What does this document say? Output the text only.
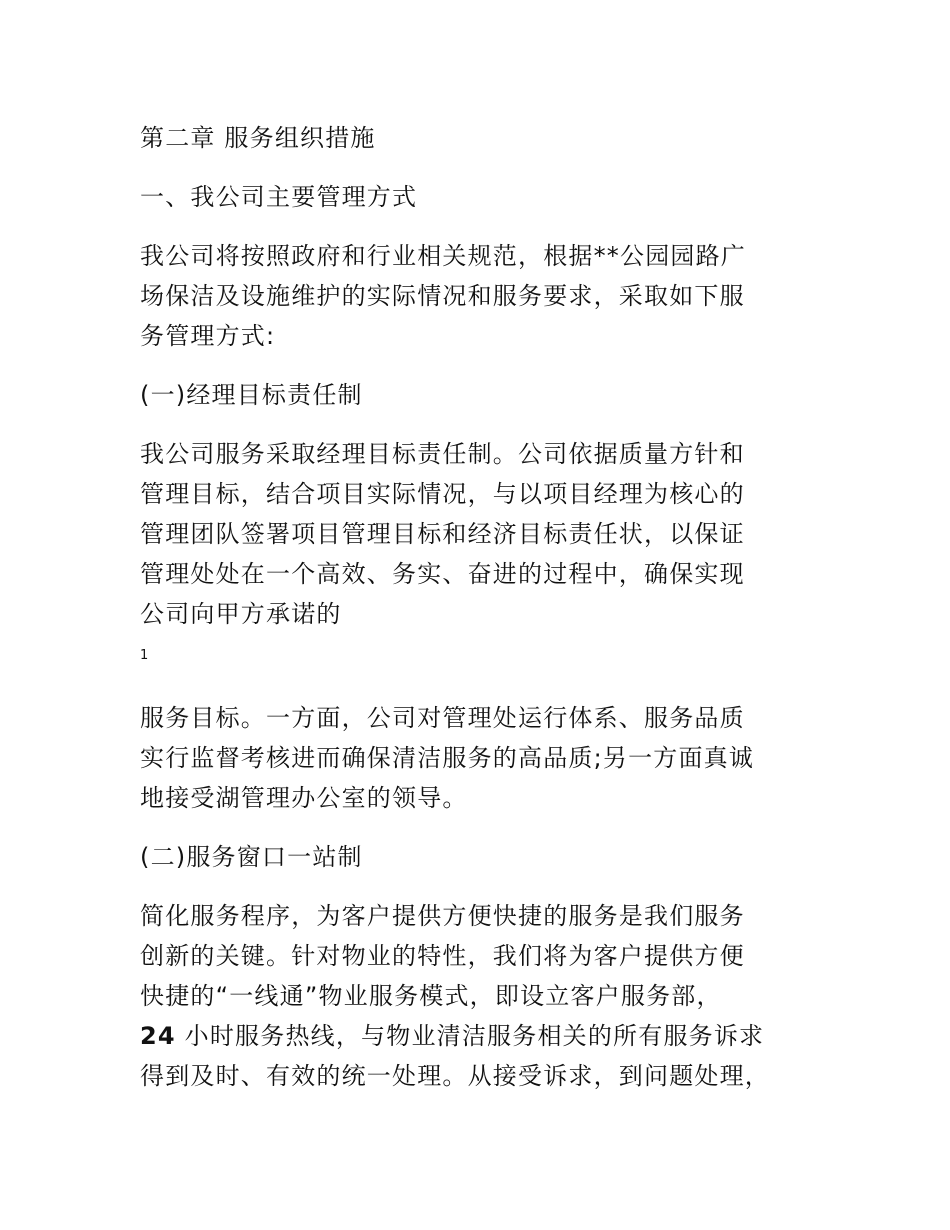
第二章 服务组织措施
一、我公司主要管理方式
我公司将按照政府和行业相关规范，根据**公园园路广
场保洁及设施维护的实际情况和服务要求，采取如下服
务管理方式:
(一)经理目标责任制
我公司服务采取经理目标责任制。公司依据质量方针和
管理目标，结合项目实际情况，与以项目经理为核心的
管理团队签署项目管理目标和经济目标责任状，以保证
管理处处在一个高效、务实、奋进的过程中，确保实现
公司向甲方承诺的
1
服务目标。一方面，公司对管理处运行体系、服务品质
实行监督考核进而确保清洁服务的高品质;另一方面真诚
地接受湖管理办公室的领导。
(二)服务窗口一站制
简化服务程序，为客户提供方便快捷的服务是我们服务
创新的关键。针对物业的特性，我们将为客户提供方便
快捷的“一线通”物业服务模式，即设立客户服务部，
24 小时服务热线，与物业清洁服务相关的所有服务诉求
得到及时、有效的统一处理。从接受诉求，到问题处理，
